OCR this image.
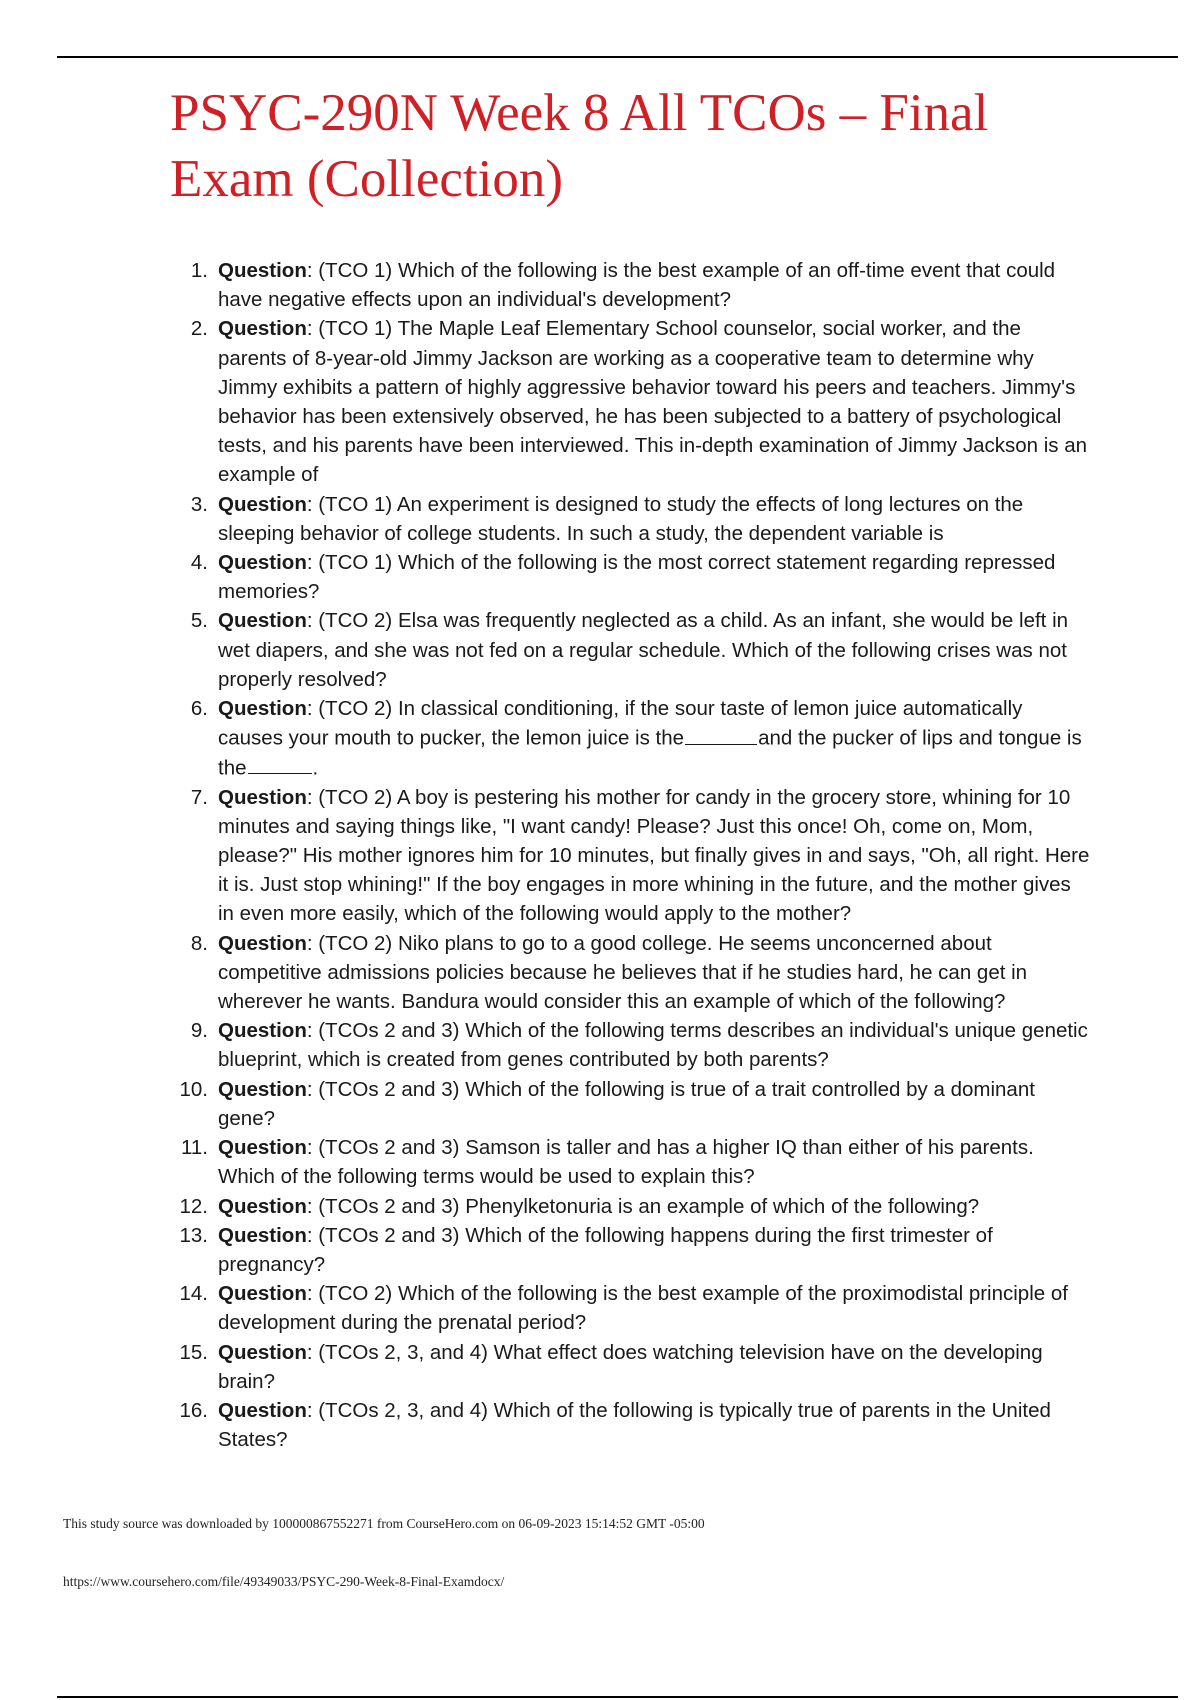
PSYC-290N Week 8 All TCOs – Final Exam (Collection)
1. Question: (TCO 1) Which of the following is the best example of an off-time event that could have negative effects upon an individual's development?
2. Question: (TCO 1) The Maple Leaf Elementary School counselor, social worker, and the parents of 8-year-old Jimmy Jackson are working as a cooperative team to determine why Jimmy exhibits a pattern of highly aggressive behavior toward his peers and teachers. Jimmy's behavior has been extensively observed, he has been subjected to a battery of psychological tests, and his parents have been interviewed. This in-depth examination of Jimmy Jackson is an example of
3. Question: (TCO 1) An experiment is designed to study the effects of long lectures on the sleeping behavior of college students. In such a study, the dependent variable is
4. Question: (TCO 1) Which of the following is the most correct statement regarding repressed memories?
5. Question: (TCO 2) Elsa was frequently neglected as a child. As an infant, she would be left in wet diapers, and she was not fed on a regular schedule. Which of the following crises was not properly resolved?
6. Question: (TCO 2) In classical conditioning, if the sour taste of lemon juice automatically causes your mouth to pucker, the lemon juice is the	and the pucker of lips and tongue is the	.
7. Question: (TCO 2) A boy is pestering his mother for candy in the grocery store, whining for 10 minutes and saying things like, "I want candy! Please? Just this once! Oh, come on, Mom, please?" His mother ignores him for 10 minutes, but finally gives in and says, "Oh, all right. Here it is. Just stop whining!" If the boy engages in more whining in the future, and the mother gives in even more easily, which of the following would apply to the mother?
8. Question: (TCO 2) Niko plans to go to a good college. He seems unconcerned about competitive admissions policies because he believes that if he studies hard, he can get in wherever he wants. Bandura would consider this an example of which of the following?
9. Question: (TCOs 2 and 3) Which of the following terms describes an individual's unique genetic blueprint, which is created from genes contributed by both parents?
10. Question: (TCOs 2 and 3) Which of the following is true of a trait controlled by a dominant gene?
11. Question: (TCOs 2 and 3) Samson is taller and has a higher IQ than either of his parents. Which of the following terms would be used to explain this?
12. Question: (TCOs 2 and 3) Phenylketonuria is an example of which of the following?
13. Question: (TCOs 2 and 3) Which of the following happens during the first trimester of pregnancy?
14. Question: (TCO 2) Which of the following is the best example of the proximodistal principle of development during the prenatal period?
15. Question: (TCOs 2, 3, and 4) What effect does watching television have on the developing brain?
16. Question: (TCOs 2, 3, and 4) Which of the following is typically true of parents in the United States?
This study source was downloaded by 100000867552271 from CourseHero.com on 06-09-2023 15:14:52 GMT -05:00
https://www.coursehero.com/file/49349033/PSYC-290-Week-8-Final-Examdocx/
